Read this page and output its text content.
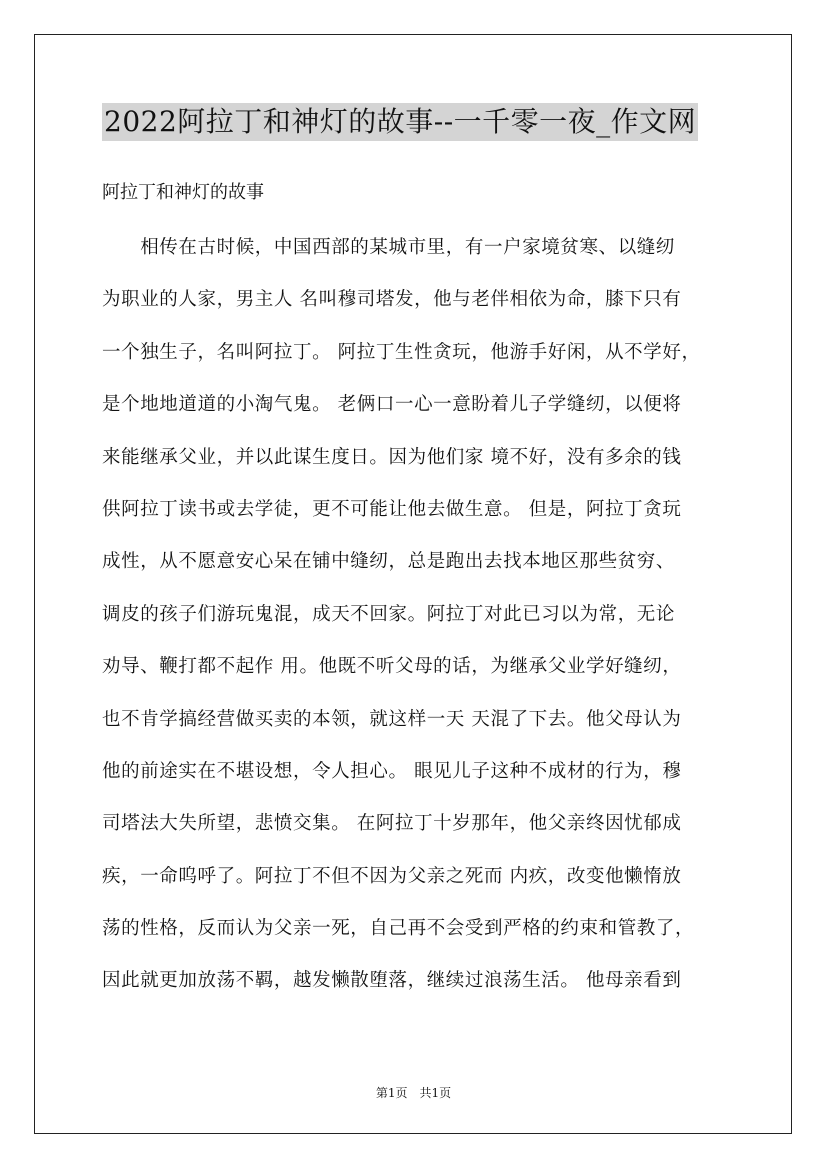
2022阿拉丁和神灯的故事--一千零一夜_作文网
阿拉丁和神灯的故事
　　相传在古时候，中国西部的某城市里，有一户家境贫寒、以缝纫
为职业的人家，男主人 名叫穆司塔发，他与老伴相依为命，膝下只有
一个独生子，名叫阿拉丁。 阿拉丁生性贪玩，他游手好闲，从不学好，
是个地地道道的小淘气鬼。 老俩口一心一意盼着儿子学缝纫，以便将
来能继承父业，并以此谋生度日。因为他们家 境不好，没有多余的钱
供阿拉丁读书或去学徒，更不可能让他去做生意。 但是，阿拉丁贪玩
成性，从不愿意安心呆在铺中缝纫，总是跑出去找本地区那些贫穷、
调皮的孩子们游玩鬼混，成天不回家。阿拉丁对此已习以为常，无论
劝导、鞭打都不起作 用。他既不听父母的话，为继承父业学好缝纫，
也不肯学搞经营做买卖的本领，就这样一天 天混了下去。他父母认为
他的前途实在不堪设想，令人担心。 眼见儿子这种不成材的行为，穆
司塔法大失所望，悲愤交集。 在阿拉丁十岁那年，他父亲终因忧郁成
疾，一命呜呼了。阿拉丁不但不因为父亲之死而 内疚，改变他懒惰放
荡的性格，反而认为父亲一死，自己再不会受到严格的约束和管教了，
因此就更加放荡不羁，越发懒散堕落，继续过浪荡生活。 他母亲看到
第1页　共1页
